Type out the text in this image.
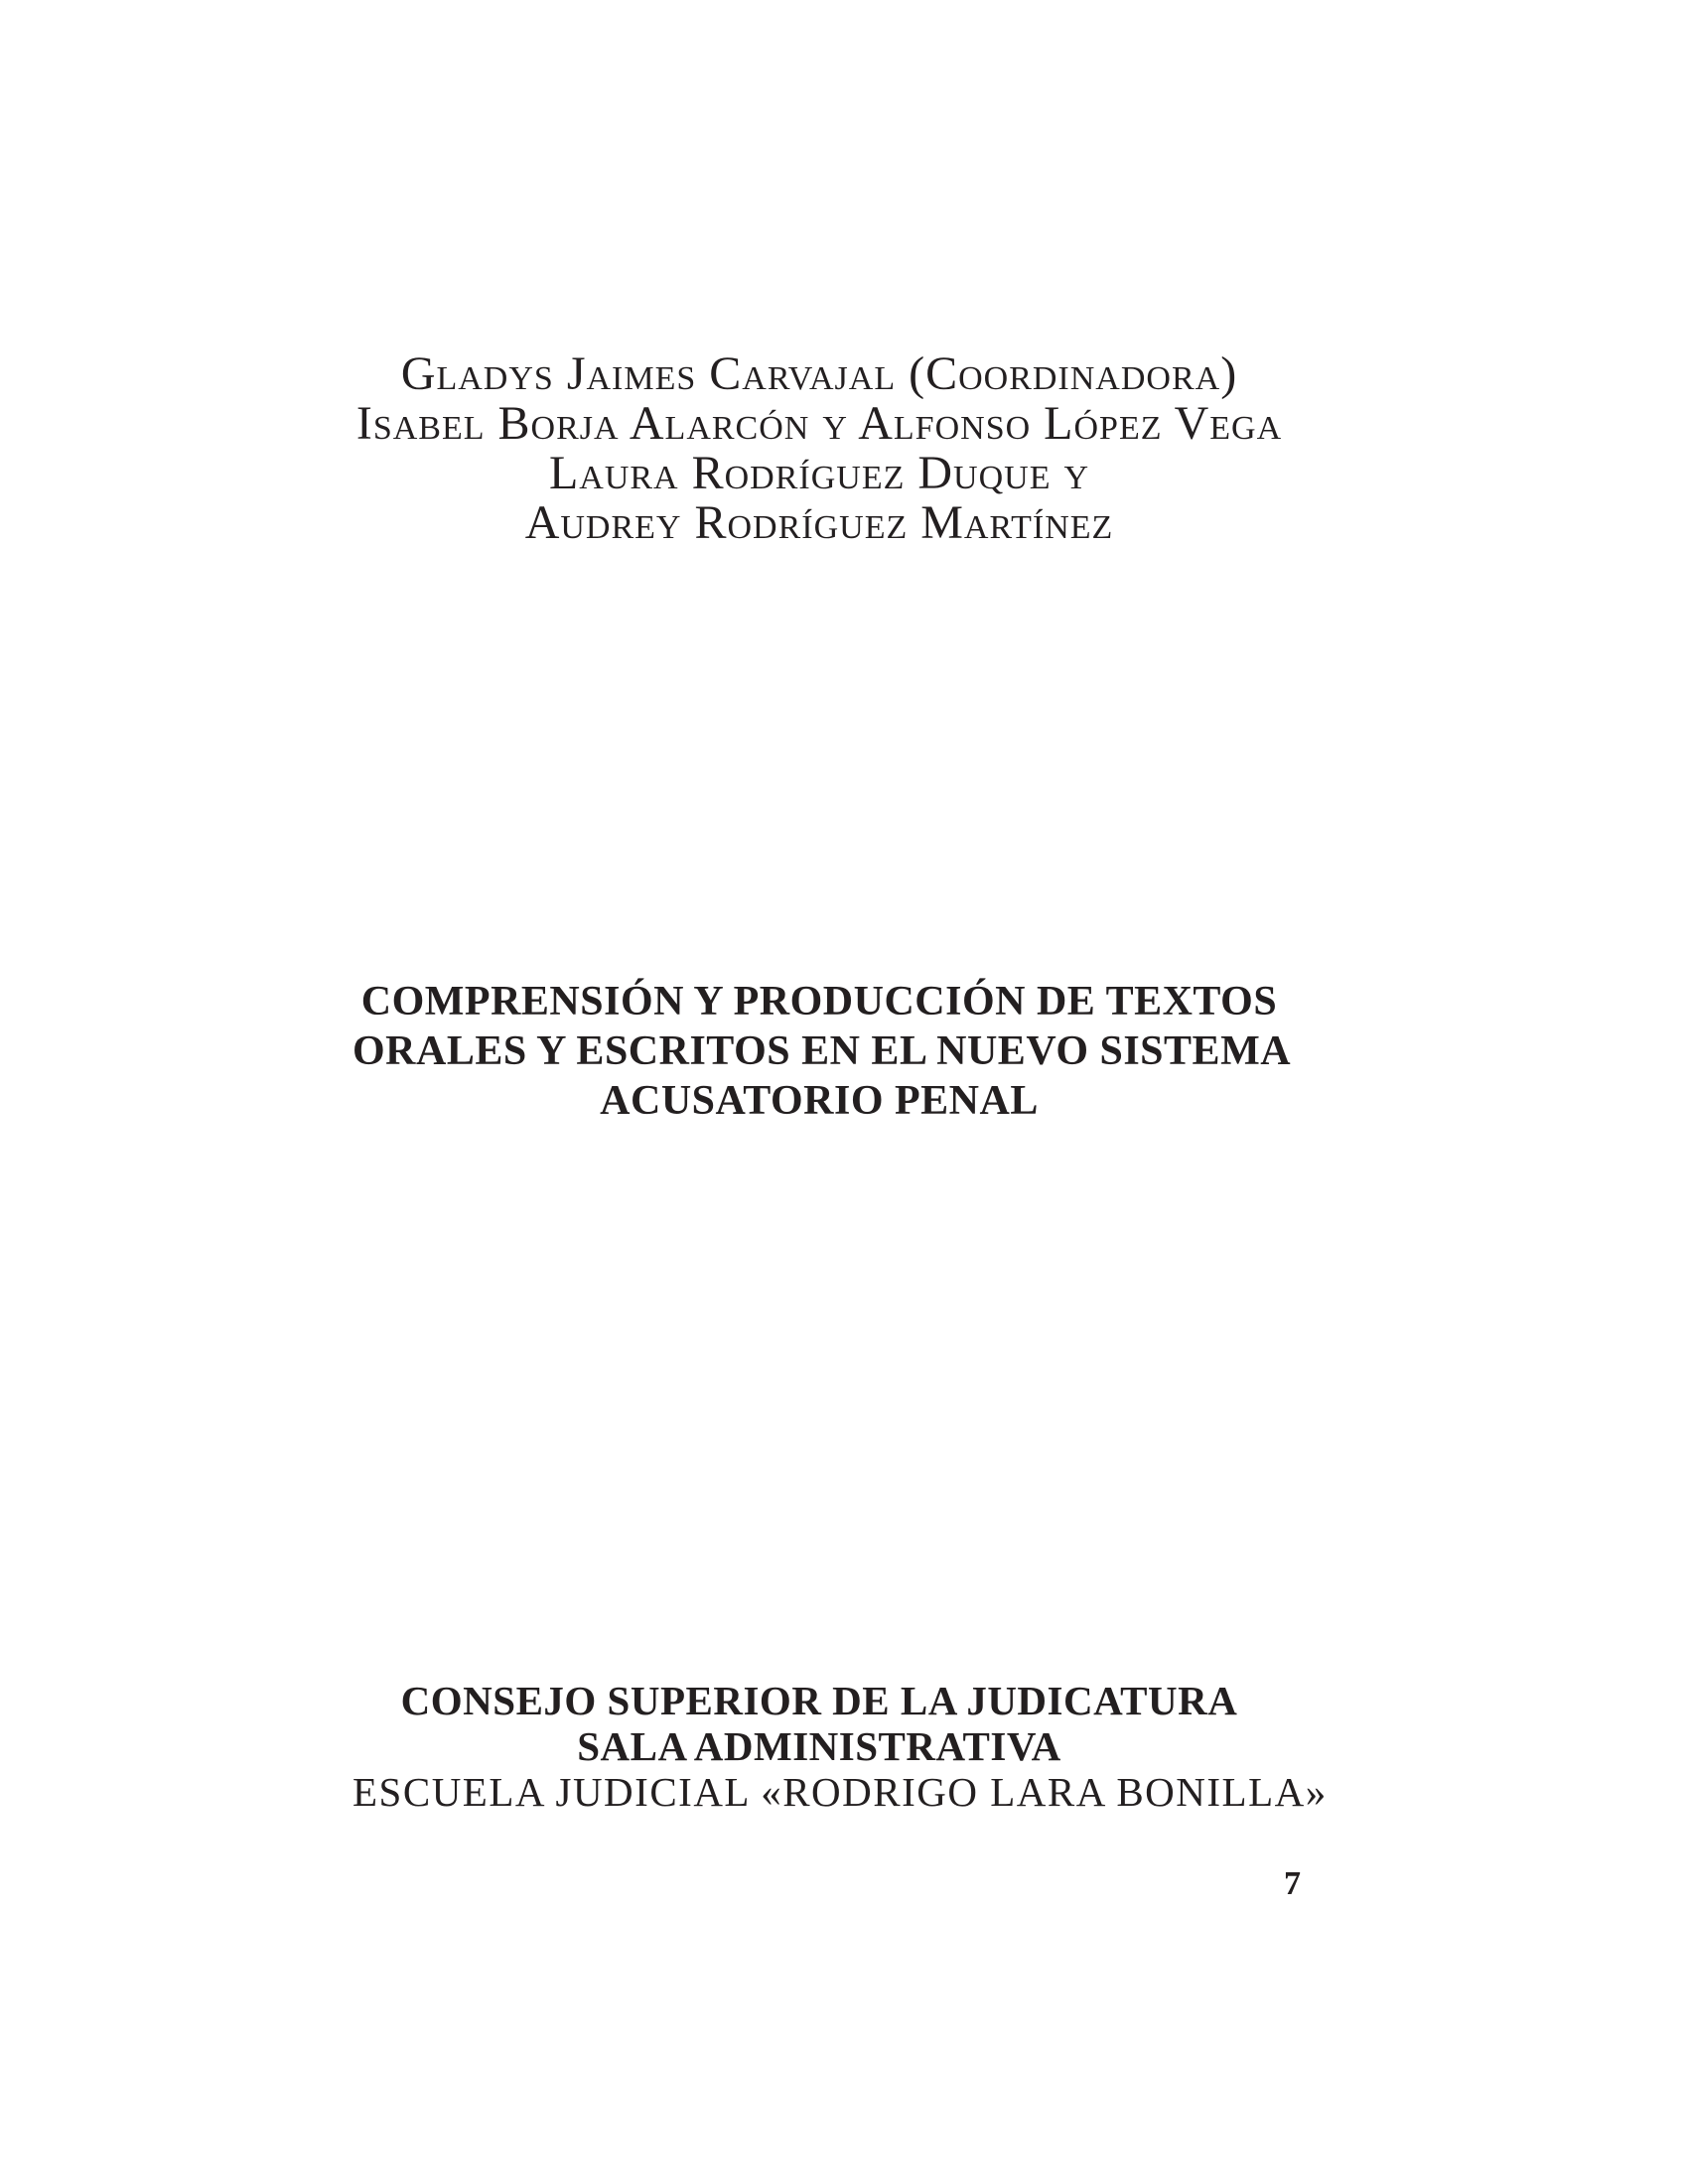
Gladys Jaimes Carvajal (Coordinadora)
Isabel Borja Alarcón y Alfonso López Vega
Laura Rodríguez Duque y
Audrey Rodríguez Martínez
COMPRENSIÓN Y PRODUCCIÓN DE TEXTOS
ORALES Y ESCRITOS EN EL NUEVO SISTEMA
ACUSATORIO PENAL
CONSEJO SUPERIOR DE LA JUDICATURA
SALA ADMINISTRATIVA
ESCUELA JUDICIAL «RODRIGO LARA BONILLA»
7
